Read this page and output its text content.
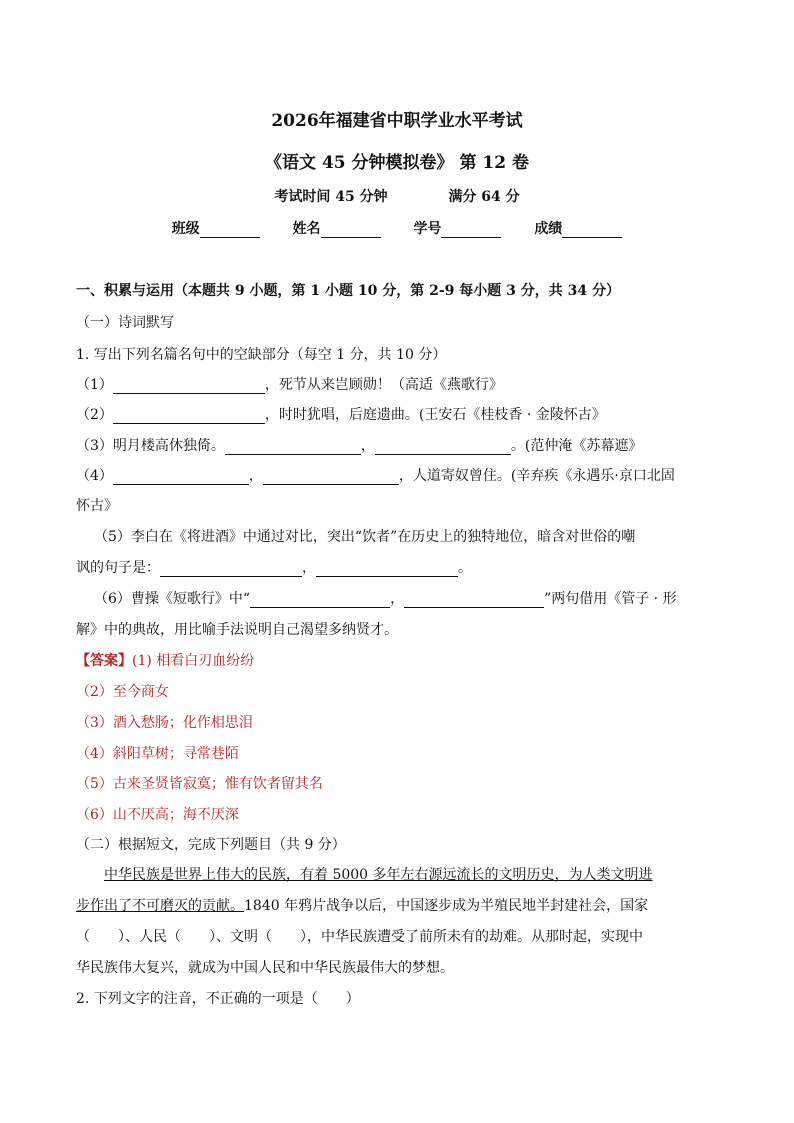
2026年福建省中职学业水平考试
《语文 45 分钟模拟卷》 第 12 卷
考试时间 45 分钟	满分 64 分
班级	姓名	学号	成绩
一、积累与运用（本题共 9 小题，第 1 小题 10 分，第 2-9 每小题 3 分，共 34 分）
（一）诗词默写
1. 写出下列名篇名句中的空缺部分（每空 1 分，共 10 分）
（1）	，死节从来岂顾勋！（高适《燕歌行》
（2）	，时时犹唱，后庭遗曲。(王安石《桂枝香 · 金陵怀古》
（3）明月楼高休独倚。	，	。(范仲淹《苏幕遮》
（4）	，	，人道寄奴曾住。(辛弃疾《永遇乐·京口北固
怀古》
（5）李白在《将进酒》中通过对比，突出“饮者”在历史上的独特地位，暗含对世俗的嘲
讽的句子是：	，	。
（6）曹操《短歌行》中“	，	”两句借用《管子 · 形
解》中的典故，用比喻手法说明自己渴望多纳贤才。
【答案】(1) 相看白刃血纷纷
（2）至今商女
（3）酒入愁肠；化作相思泪
（4）斜阳草树；寻常巷陌
（5）古来圣贤皆寂寞；惟有饮者留其名
（6）山不厌高；海不厌深
（二）根据短文，完成下列题目（共 9 分）
中华民族是世界上伟大的民族，有着 5000 多年左右源远流长的文明历史，为人类文明进
步作出了不可磨灭的贡献。1840 年鸦片战争以后，中国逐步成为半殖民地半封建社会，国家
（　　）、人民（　　）、文明（　　），中华民族遭受了前所未有的劫难。从那时起，实现中
华民族伟大复兴，就成为中国人民和中华民族最伟大的梦想。
2. 下列文字的注音，不正确的一项是（　　）
